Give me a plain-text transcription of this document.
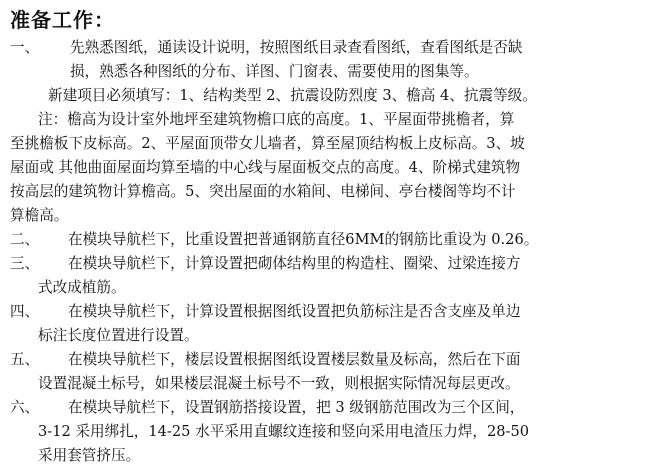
准备工作：
一、	先熟悉图纸，通读设计说明，按照图纸目录查看图纸，查看图纸是否缺
损，熟悉各种图纸的分布、详图、门窗表、需要使用的图集等。
新建项目必须填写：1、结构类型 2、抗震设防烈度 3、檐高 4、抗震等级。
注：檐高为设计室外地坪至建筑物檐口底的高度。1、平屋面带挑檐者，算
至挑檐板下皮标高。2、平屋面顶带女儿墙者，算至屋顶结构板上皮标高。3、坡
屋面或 其他曲面屋面均算至墙的中心线与屋面板交点的高度。4、阶梯式建筑物
按高层的建筑物计算檐高。5、突出屋面的水箱间、电梯间、亭台楼阁等均不计
算檐高。
二、	在模块导航栏下，比重设置把普通钢筋直径6MM的钢筋比重设为 0.26。
三、	在模块导航栏下，计算设置把砌体结构里的构造柱、圈梁、过梁连接方
式改成植筋。
四、	在模块导航栏下，计算设置根据图纸设置把负筋标注是否含支座及单边
标注长度位置进行设置。
五、	在模块导航栏下，楼层设置根据图纸设置楼层数量及标高，然后在下面
设置混凝土标号，如果楼层混凝土标号不一致，则根据实际情况每层更改。
六、	在模块导航栏下，设置钢筋搭接设置，把 3 级钢筋范围改为三个区间，
3-12 采用绑扎，14-25 水平采用直螺纹连接和竖向采用电渣压力焊，28-50
采用套管挤压。
